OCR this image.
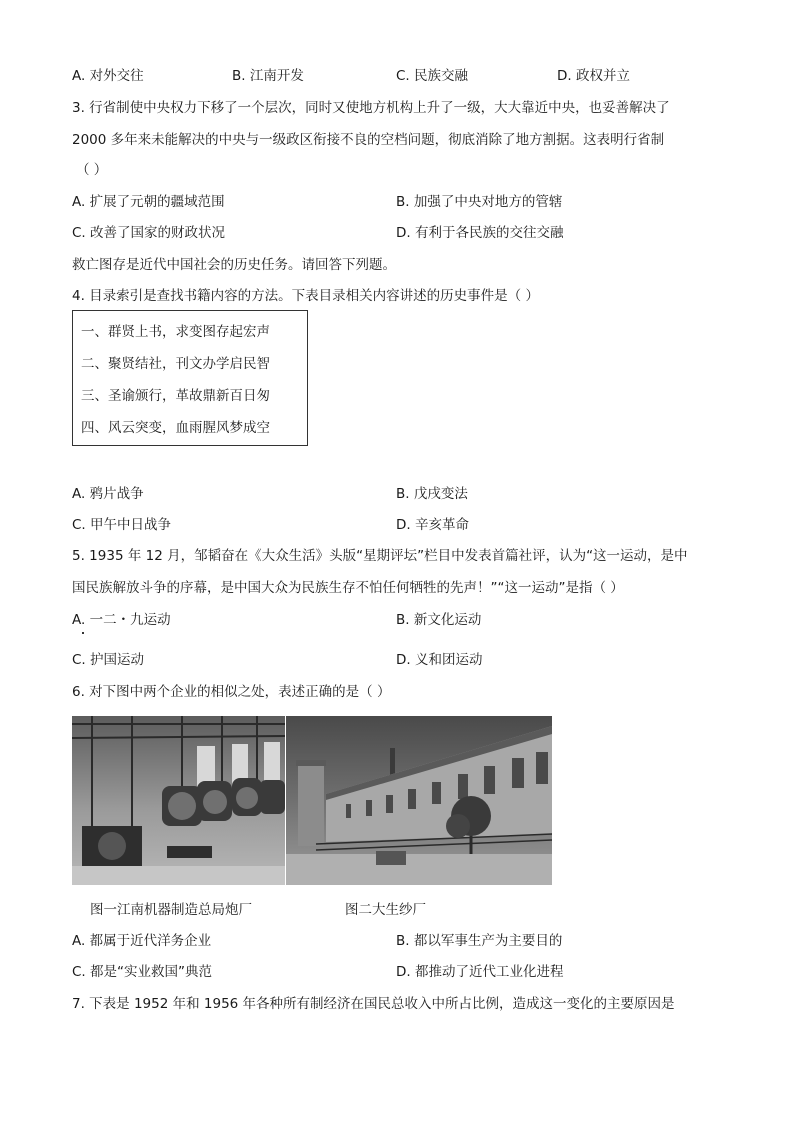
A. 对外交往	B. 江南开发	C. 民族交融	D. 政权并立
3. 行省制使中央权力下移了一个层次，同时又使地方机构上升了一级，大大靠近中央，也妥善解决了
2000 多年来未能解决的中央与一级政区衔接不良的空档问题，彻底消除了地方割据。这表明行省制
（ ）
A. 扩展了元朝的疆域范围	B. 加强了中央对地方的管辖
C. 改善了国家的财政状况	D. 有利于各民族的交往交融
救亡图存是近代中国社会的历史任务。请回答下列题。
4. 目录索引是查找书籍内容的方法。下表目录相关内容讲述的历史事件是（ ）
一、群贤上书，求变图存起宏声
二、聚贤结社，刊文办学启民智
三、圣谕颁行，革故鼎新百日匆
四、风云突变，血雨腥风梦成空
A. 鸦片战争	B. 戊戌变法
C. 甲午中日战争	D. 辛亥革命
5. 1935 年 12 月，邹韬奋在《大众生活》头版“星期评坛”栏目中发表首篇社评，认为“这一运动，是中
国民族解放斗争的序幕，是中国大众为民族生存不怕任何牺牲的先声！”“这一运动”是指（ ）
A. 一二・九运动	B. 新文化运动
C. 护国运动	D. 义和团运动
6. 对下图中两个企业的相似之处，表述正确的是（ ）
图一江南机器制造总局炮厂	图二大生纱厂
A. 都属于近代洋务企业	B. 都以军事生产为主要目的
C. 都是“实业救国”典范	D. 都推动了近代工业化进程
7. 下表是 1952 年和 1956 年各种所有制经济在国民总收入中所占比例，造成这一变化的主要原因是
